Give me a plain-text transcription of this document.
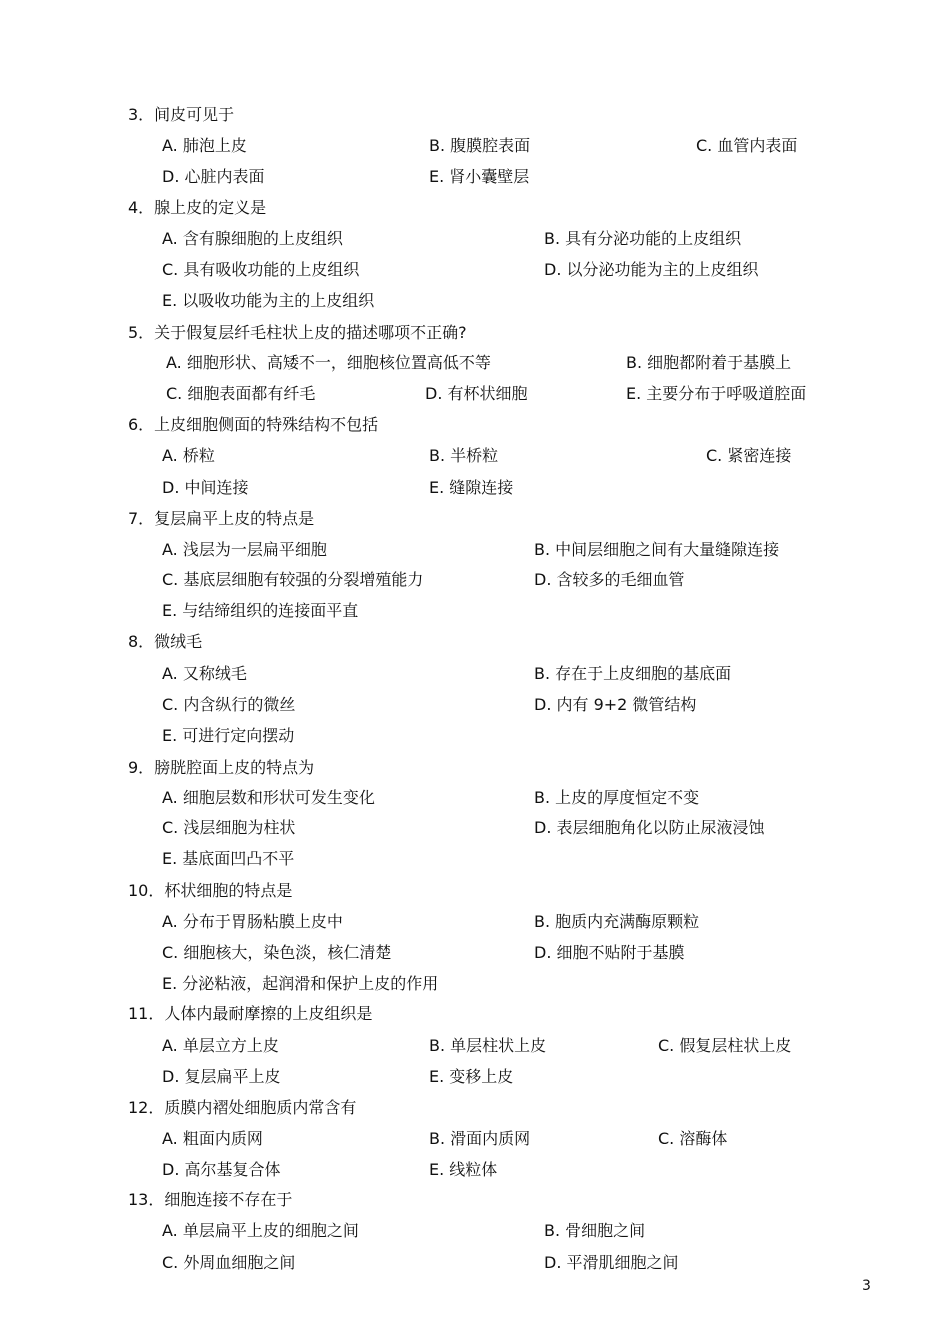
3．间皮可见于
A. 肺泡上皮	B. 腹膜腔表面	C. 血管内表面
D. 心脏内表面	E. 肾小囊壁层
4．腺上皮的定义是
A. 含有腺细胞的上皮组织	B. 具有分泌功能的上皮组织
C. 具有吸收功能的上皮组织	D. 以分泌功能为主的上皮组织
E. 以吸收功能为主的上皮组织
5．关于假复层纤毛柱状上皮的描述哪项不正确?
A. 细胞形状、高矮不一，细胞核位置高低不等	B. 细胞都附着于基膜上
C. 细胞表面都有纤毛	D. 有杯状细胞	E. 主要分布于呼吸道腔面
6．上皮细胞侧面的特殊结构不包括
A. 桥粒	B. 半桥粒	C. 紧密连接
D. 中间连接	E. 缝隙连接
7．复层扁平上皮的特点是
A. 浅层为一层扁平细胞	B. 中间层细胞之间有大量缝隙连接
C. 基底层细胞有较强的分裂增殖能力	D. 含较多的毛细血管
E. 与结缔组织的连接面平直
8．微绒毛
A. 又称绒毛	B. 存在于上皮细胞的基底面
C. 内含纵行的微丝	D. 内有 9+2 微管结构
E. 可进行定向摆动
9．膀胱腔面上皮的特点为
A. 细胞层数和形状可发生变化	B. 上皮的厚度恒定不变
C. 浅层细胞为柱状	D. 表层细胞角化以防止尿液浸蚀
E. 基底面凹凸不平
10．杯状细胞的特点是
A. 分布于胃肠粘膜上皮中	B. 胞质内充满酶原颗粒
C. 细胞核大，染色淡，核仁清楚	D. 细胞不贴附于基膜
E. 分泌粘液，起润滑和保护上皮的作用
11．人体内最耐摩擦的上皮组织是
A. 单层立方上皮	B. 单层柱状上皮	C. 假复层柱状上皮
D. 复层扁平上皮	E. 变移上皮
12．质膜内褶处细胞质内常含有
A. 粗面内质网	B. 滑面内质网	C. 溶酶体
D. 高尔基复合体	E. 线粒体
13．细胞连接不存在于
A. 单层扁平上皮的细胞之间	B. 骨细胞之间
C. 外周血细胞之间	D. 平滑肌细胞之间
3
